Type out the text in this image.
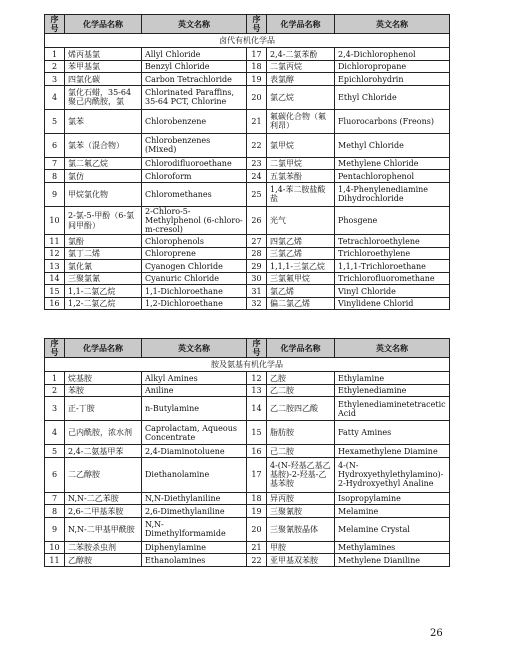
序号	化学品名称	英文名称	序号	化学品名称	英文名称
卤代有机化学品					
1	烯丙基氯	Allyl Chloride	17	2,4-二氯苯酚	2,4-Dichlorophenol
2	苯甲基氯	Benzyl Chloride	18	二氯丙烷	Dichloropropane
3	四氯化碳	Carbon Tetrachloride	19	表氯醇	Epichlorohydrin
4	氯化石蜡，35-64聚己内酰胺，氯	Chlorinated Paraffins, 35-64 PCT, Chlorine	20	氯乙烷	Ethyl Chloride
5	氯苯	Chlorobenzene	21	氟碳化合物（氟利昂）	Fluorocarbons (Freons)
6	氯苯（混合物）	Chlorobenzenes (Mixed)	22	氯甲烷	Methyl Chloride
7	氯二氟乙烷	Chlorodifluoroethane	23	二氯甲烷	Methylene Chloride
8	氯仿	Chloroform	24	五氯苯酚	Pentachlorophenol
9	甲烷氯化物	Chloromethanes	25	1,4-苯二胺盐酸盐	1,4-Phenylenediamine Dihydrochloride
10	2-氯-5-甲酚（6-氯间甲酚）	2-Chloro-5-Methylphenol (6-chloro-m-cresol)	26	光气	Phosgene
11	氯酚	Chlorophenols	27	四氯乙烯	Tetrachloroethylene
12	氯丁二烯	Chloroprene	28	三氯乙烯	Trichloroethylene
13	氯化氰	Cyanogen Chloride	29	1,1,1-三氯乙烷	1,1,1-Trichloroethane
14	三聚氯氰	Cyanuric Chloride	30	三氯氟甲烷	Trichlorofluoromethane
15	1,1-二氯乙烷	1,1-Dichloroethane	31	氯乙烯	Vinyl Chloride
16	1,2-二氯乙烷	1,2-Dichloroethane	32	偏二氯乙烯	Vinylidene Chlorid
序号	化学品名称	英文名称	序号	化学品名称	英文名称
胺及氨基有机化学品					
1	烷基胺	Alkyl Amines	12	乙胺	Ethylamine
2	苯胺	Aniline	13	乙二胺	Ethylenediamine
3	正-丁胺	n-Butylamine	14	乙二胺四乙酸	Ethylenediaminetetracetic Acid
4	己内酰胺，浓水剂	Caprolactam, Aqueous Concentrate	15	脂肪胺	Fatty Amines
5	2,4-二氨基甲苯	2,4-Diaminotoluene	16	己二胺	Hexamethylene Diamine
6	二乙醇胺	Diethanolamine	17	4-(N-羟基乙基乙基胺)-2-羟基-乙基苯胺	4-(N-Hydroxyethylethylamino)-2-Hydroxyethyl Analine
7	N,N-二乙苯胺	N,N-Diethylaniline	18	异丙胺	Isopropylamine
8	2,6-二甲基苯胺	2,6-Dimethylaniline	19	三聚氰胺	Melamine
9	N,N-二甲基甲酰胺	N,N-Dimethylformamide	20	三聚氰胺晶体	Melamine Crystal
10	二苯胺杀虫剂	Diphenylamine	21	甲胺	Methylamines
11	乙醇胺	Ethanolamines	22	亚甲基双苯胺	Methylene Dianiline
26
